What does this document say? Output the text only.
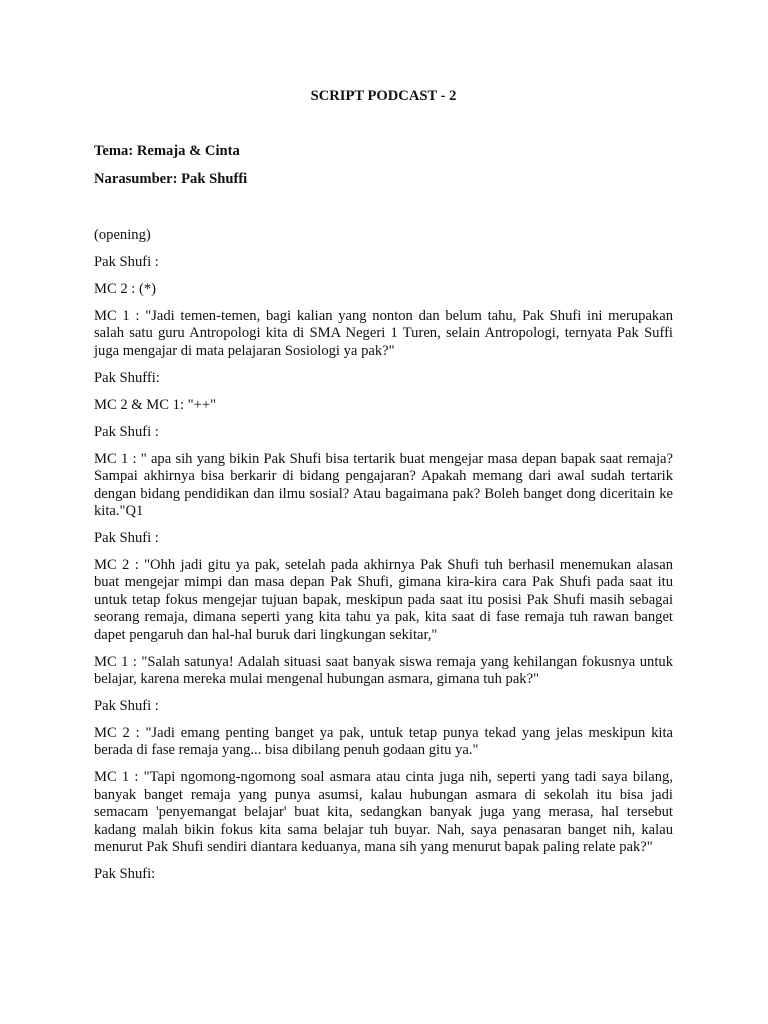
SCRIPT PODCAST - 2

Tema: Remaja & Cinta

Narasumber: Pak Shuffi

(opening)

Pak Shufi :

MC 2 : (*)

MC 1 : "Jadi temen-temen, bagi kalian yang nonton dan belum tahu, Pak Shufi ini merupakan salah satu guru Antropologi kita di SMA Negeri 1 Turen, selain Antropologi, ternyata Pak Suffi juga mengajar di mata pelajaran Sosiologi ya pak?"

Pak Shuffi:

MC 2 & MC 1: "++"

Pak Shufi :

MC 1 : " apa sih yang bikin Pak Shufi bisa tertarik buat mengejar masa depan bapak saat remaja? Sampai akhirnya bisa berkarir di bidang pengajaran? Apakah memang dari awal sudah tertarik dengan bidang pendidikan dan ilmu sosial? Atau bagaimana pak? Boleh banget dong diceritain ke kita."Q1

Pak Shufi :

MC 2 : "Ohh jadi gitu ya pak, setelah pada akhirnya Pak Shufi tuh berhasil menemukan alasan buat mengejar mimpi dan masa depan Pak Shufi, gimana kira-kira cara Pak Shufi pada saat itu untuk tetap fokus mengejar tujuan bapak, meskipun pada saat itu posisi Pak Shufi masih sebagai seorang remaja, dimana seperti yang kita tahu ya pak, kita saat di fase remaja tuh rawan banget dapet pengaruh dan hal-hal buruk dari lingkungan sekitar,"

MC 1 : "Salah satunya! Adalah situasi saat banyak siswa remaja yang kehilangan fokusnya untuk belajar, karena mereka mulai mengenal hubungan asmara, gimana tuh pak?"

Pak Shufi :

MC 2 : "Jadi emang penting banget ya pak, untuk tetap punya tekad yang jelas meskipun kita berada di fase remaja yang... bisa dibilang penuh godaan gitu ya."

MC 1 : "Tapi ngomong-ngomong soal asmara atau cinta juga nih, seperti yang tadi saya bilang, banyak banget remaja yang punya asumsi, kalau hubungan asmara di sekolah itu bisa jadi semacam 'penyemangat belajar' buat kita, sedangkan banyak juga yang merasa, hal tersebut kadang malah bikin fokus kita sama belajar tuh buyar. Nah, saya penasaran banget nih, kalau menurut Pak Shufi sendiri diantara keduanya, mana sih yang menurut bapak paling relate pak?"

Pak Shufi:
